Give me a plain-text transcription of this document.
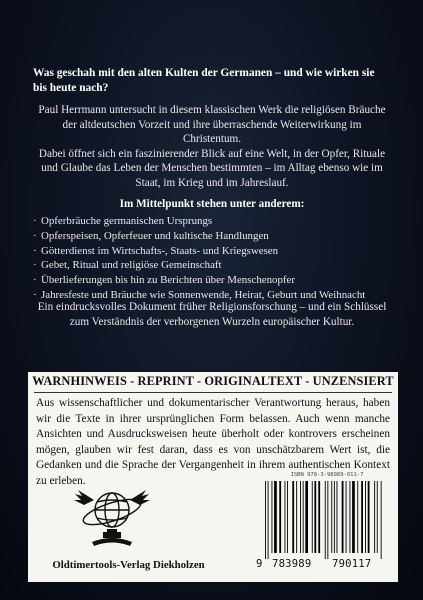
Was geschah mit den alten Kulten der Germanen – und wie wirken sie bis heute nach?

Paul Herrmann untersucht in diesem klassischen Werk die religiösen Bräuche der altdeutschen Vorzeit und ihre überraschende Weiterwirkung im Christentum.

Dabei öffnet sich ein faszinierender Blick auf eine Welt, in der Opfer, Rituale und Glaube das Leben der Menschen bestimmten – im Alltag ebenso wie im Staat, im Krieg und im Jahreslauf.

Im Mittelpunkt stehen unter anderem:
· Opferbräuche germanischen Ursprungs
· Opferspeisen, Opferfeuer und kultische Handlungen
· Götterdienst im Wirtschafts-, Staats- und Kriegswesen
· Gebet, Ritual und religiöse Gemeinschaft
· Überlieferungen bis hin zu Berichten über Menschenopfer
· Jahresfeste und Bräuche wie Sonnenwende, Heirat, Geburt und Weihnacht
Ein eindrucksvolles Dokument früher Religionsforschung – und ein Schlüssel zum Verständnis der verborgenen Wurzeln europäischer Kultur.
WARNHINWEIS - REPRINT - ORIGINALTEXT - UNZENSIERT

Aus wissenschaftlicher und dokumentarischer Verantwortung heraus, haben wir die Texte in ihrer ursprünglichen Form belassen. Auch wenn manche Ansichten und Ausdrucksweisen heute überholt oder kontrovers erscheinen mögen, glauben wir fest daran, dass es von unschätzbarem Wert ist, die Gedanken und die Sprache der Vergangenheit in ihrem authentischen Kontext zu erleben.

Oldtimertools-Verlag Diekholzen
ISBN 978-3-98989-011-7
9 783989 790117
